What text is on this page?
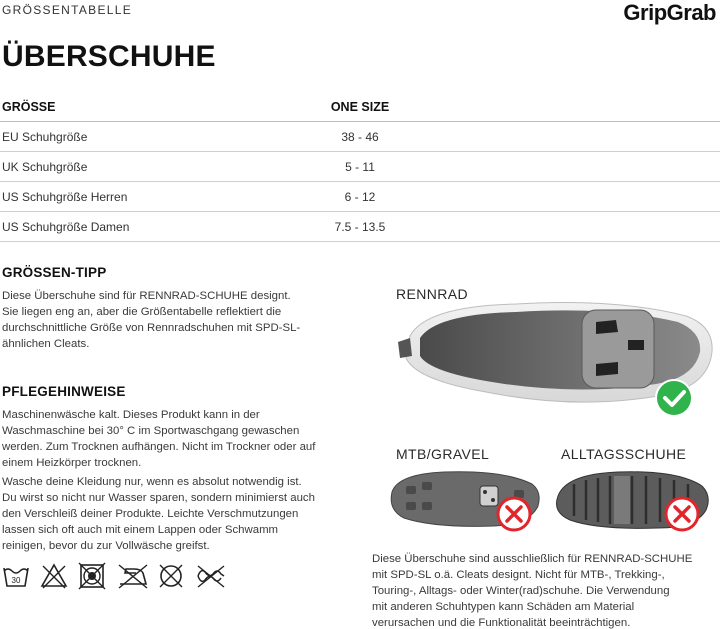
GRÖSSENTABELLE	GripGrab
ÜBERSCHUHE
GRÖSSE	ONE SIZE
EU Schuhgröße	38 - 46
UK Schuhgröße	5 - 11
US Schuhgröße Herren	6 - 12
US Schuhgröße Damen	7.5 - 13.5
GRÖSSEN-TIPP
Diese Überschuhe sind für RENNRAD-SCHUHE designt.
Sie liegen eng an, aber die Größentabelle reflektiert die
durchschnittliche Größe von Rennradschuhen mit SPD-SL-
ähnlichen Cleats.
PFLEGEHINWEISE
Maschinenwäsche kalt. Dieses Produkt kann in der
Waschmaschine bei 30° C im Sportwaschgang gewaschen
werden. Zum Trocknen aufhängen. Nicht im Trockner oder auf
einem Heizkörper trocknen.
Wasche deine Kleidung nur, wenn es absolut notwendig ist.
Du wirst so nicht nur Wasser sparen, sondern minimierst auch
den Verschleiß deiner Produkte. Leichte Verschmutzungen
lassen sich oft auch mit einem Lappen oder Schwamm
reinigen, bevor du zur Vollwäsche greifst.
30
RENNRAD
MTB/GRAVEL	ALLTAGSSCHUHE
Diese Überschuhe sind ausschließlich für RENNRAD-SCHUHE
mit SPD-SL o.ä. Cleats designt. Nicht für MTB-, Trekking-,
Touring-, Alltags- oder Winter(rad)schuhe. Die Verwendung
mit anderen Schuhtypen kann Schäden am Material
verursachen und die Funktionalität beeinträchtigen.
